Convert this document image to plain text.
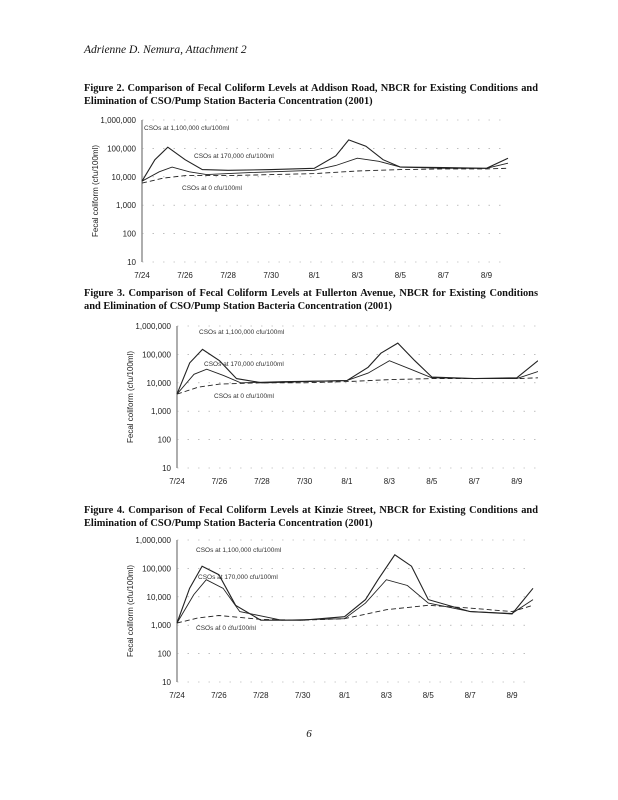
Adrienne D. Nemura, Attachment 2
Figure 2. Comparison of Fecal Coliform Levels at Addison Road, NBCR for Existing Conditions and Elimination of CSO/Pump Station Bacteria Concentration (2001)
1,000,000
100,000
10,000
1,000
100
10
7/24	7/26	7/28	7/30	8/1	8/3	8/5	8/7	8/9
Fecal coliform (cfu/100ml)
CSOs at 1,100,000 cfu/100ml
CSOs at 170,000 cfu/100ml
CSOs at 0 cfu/100ml
Figure 3. Comparison of Fecal Coliform Levels at Fullerton Avenue, NBCR for Existing Conditions and Elimination of CSO/Pump Station Bacteria Concentration (2001)
1,000,000
100,000
10,000
1,000
100
10
7/24	7/26	7/28	7/30	8/1	8/3	8/5	8/7	8/9
Fecal coliform (cfu/100ml)
CSOs at 1,100,000 cfu/100ml
CSOs at 170,000 cfu/100ml
CSOs at 0 cfu/100ml
Figure 4. Comparison of Fecal Coliform Levels at Kinzie Street, NBCR for Existing Conditions and Elimination of CSO/Pump Station Bacteria Concentration (2001)
1,000,000
100,000
10,000
1,000
100
10
7/24	7/26	7/28	7/30	8/1	8/3	8/5	8/7	8/9
Fecal coliform (cfu/100ml)
CSOs at 1,100,000 cfu/100ml
CSOs at 170,000 cfu/100ml
CSOs at 0 cfu/100ml
6
